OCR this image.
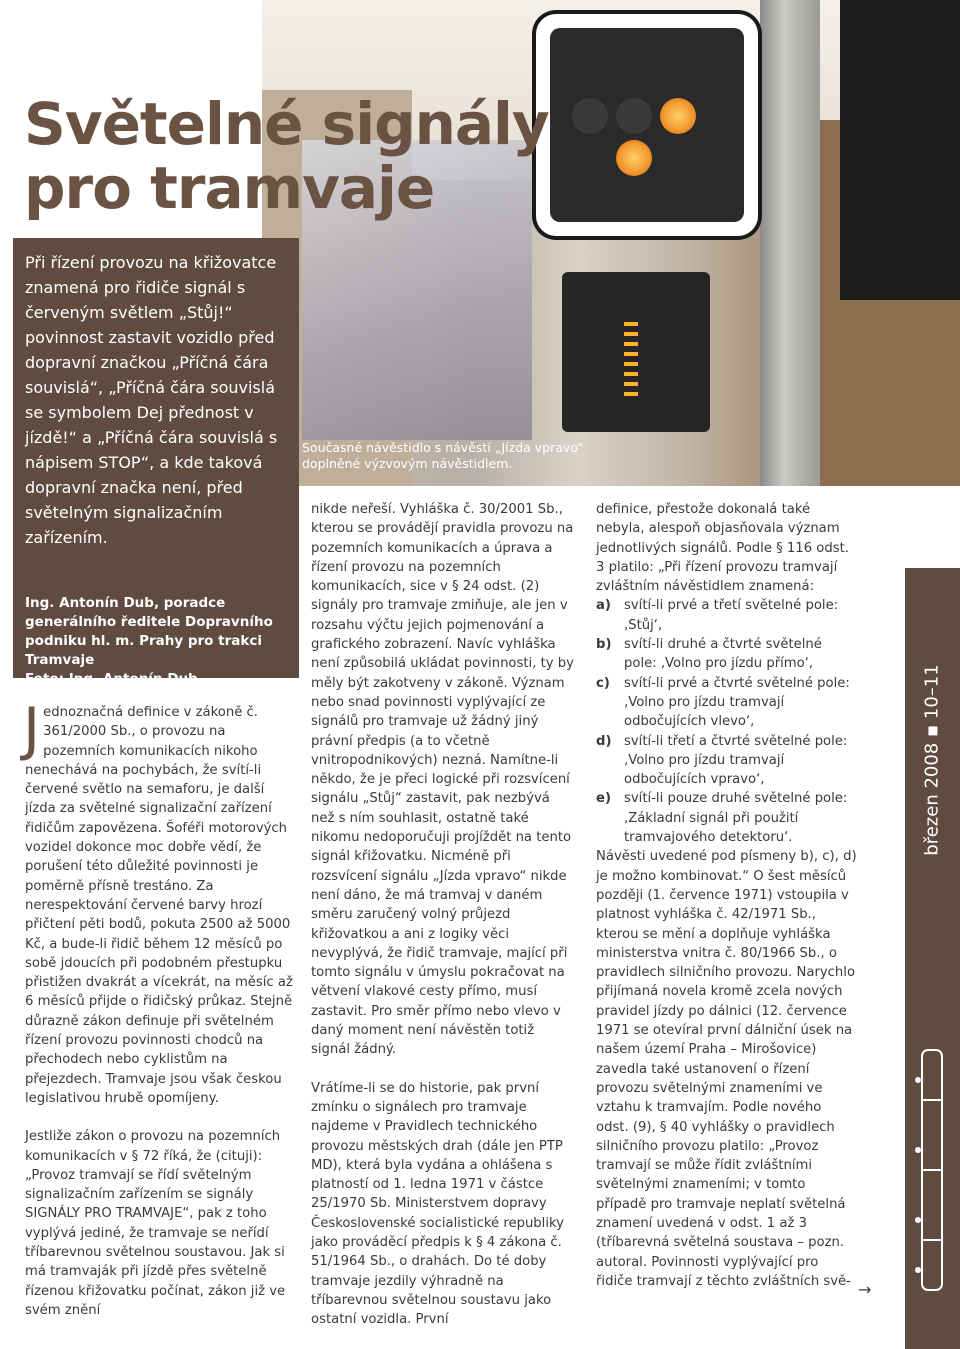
Současné návěstidlo s návěstí „Jízda vpravo“ doplněné výzvovým návěstidlem.
Světelné signály
pro tramvaje

Při řízení provozu na křižovatce znamená pro řidiče signál s červeným světlem „Stůj!“ povinnost zastavit vozidlo před dopravní značkou „Příčná čára souvislá“, „Příčná čára souvislá se symbolem Dej přednost v jízdě!“ a „Příčná čára souvislá s nápisem STOP“, a kde taková dopravní značka není, před světelným signalizačním zařízením.

Ing. Antonín Dub, poradce generálního ředitele Dopravního podniku hl. m. Prahy pro trakci Tramvaje
Foto: Ing. Antonín Dub

Jednoznačná definice v zákoně č. 361/2000 Sb., o provozu na pozemních komunikacích nikoho nenechává na pochybách, že svítí-li červené světlo na semaforu, je další jízda za světelné signalizační zařízení řidičům zapovězena. Šoféři motorových vozidel dokonce moc dobře vědí, že porušení této důležité povinnosti je poměrně přísně trestáno. Za nerespektování červené barvy hrozí přičtení pěti bodů, pokuta 2500 až 5000 Kč, a bude-li řidič během 12 měsíců po sobě jdoucích při podobném přestupku přistižen dvakrát a vícekrát, na měsíc až 6 měsíců přijde o řidičský průkaz. Stejně důrazně zákon definuje při světelném řízení provozu povinnosti chodců na přechodech nebo cyklistům na přejezdech. Tramvaje jsou však českou legislativou hrubě opomíjeny.

Jestliže zákon o provozu na pozemních komunikacích v § 72 říká, že (cituji): „Provoz tramvají se řídí světelným signalizačním zařízením se signály SIGNÁLY PRO TRAMVAJE“, pak z toho vyplývá jediné, že tramvaje se neřídí tříbarevnou světelnou soustavou. Jak si má tramvaják při jízdě přes světelně řízenou křižovatku počínat, zákon již ve svém znění

nikde neřeší. Vyhláška č. 30/2001 Sb., kterou se provádějí pravidla provozu na pozemních komunikacích a úprava a řízení provozu na pozemních komunikacích, sice v § 24 odst. (2) signály pro tramvaje zmiňuje, ale jen v rozsahu výčtu jejich pojmenování a grafického zobrazení. Navíc vyhláška není způsobilá ukládat povinnosti, ty by měly být zakotveny v zákoně. Význam nebo snad povinnosti vyplývající ze signálů pro tramvaje už žádný jiný právní předpis (a to včetně vnitropodnikových) nezná. Namítne-li někdo, že je přeci logické při rozsvícení signálu „Stůj“ zastavit, pak nezbývá než s ním souhlasit, ostatně také nikomu nedoporučuji projíždět na tento signál křižovatku. Nicméně při rozsvícení signálu „Jízda vpravo“ nikde není dáno, že má tramvaj v daném směru zaručený volný průjezd křižovatkou a ani z logiky věci nevyplývá, že řidič tramvaje, mající při tomto signálu v úmyslu pokračovat na větvení vlakové cesty přímo, musí zastavit. Pro směr přímo nebo vlevo v daný moment není návěstěn totiž signál žádný.

Vrátíme-li se do historie, pak první zmínku o signálech pro tramvaje najdeme v Pravidlech technického provozu městských drah (dále jen PTP MD), která byla vydána a ohlášena s platností od 1. ledna 1971 v částce 25/1970 Sb. Ministerstvem dopravy Československé socialistické republiky jako prováděcí předpis k § 4 zákona č. 51/1964 Sb., o drahách. Do té doby tramvaje jezdily výhradně na tříbarevnou světelnou soustavu jako ostatní vozidla. První

definice, přestože dokonalá také nebyla, alespoň objasňovala význam jednotlivých signálů. Podle § 116 odst. 3 platilo: „Při řízení provozu tramvají zvláštním návěstidlem znamená:

a) svítí-li prvé a třetí světelné pole: ‚Stůj‘,
b) svítí-li druhé a čtvrté světelné pole: ‚Volno pro jízdu přímo‘,
c) svítí-li prvé a čtvrté světelné pole: ‚Volno pro jízdu tramvají odbočujících vlevo‘,
d) svítí-li třetí a čtvrté světelné pole: ‚Volno pro jízdu tramvají odbočujících vpravo‘,
e) svítí-li pouze druhé světelné pole: ‚Základní signál při použití tramvajového detektoru‘.

Návěsti uvedené pod písmeny b), c), d) je možno kombinovat.“ O šest měsíců později (1. července 1971) vstoupila v platnost vyhláška č. 42/1971 Sb., kterou se mění a doplňuje vyhláška ministerstva vnitra č. 80/1966 Sb., o pravidlech silničního provozu. Narychlo přijímaná novela kromě zcela nových pravidel jízdy po dálnici (12. července 1971 se otevíral první dálniční úsek na našem území Praha – Mirošovice) zavedla také ustanovení o řízení provozu světelnými znameními ve vztahu k tramvajím. Podle nového odst. (9), § 40 vyhlášky o pravidlech silničního provozu platilo: „Provoz tramvají se může řídit zvláštními světelnými znameními; v tomto případě pro tramvaje neplatí světelná znamení uvedená v odst. 1 až 3 (tříbarevná světelná soustava – pozn. autoral. Povinnosti vyplývající pro řidiče tramvají z těchto zvláštních svě- →
březen 2008 ▪ 10–11
